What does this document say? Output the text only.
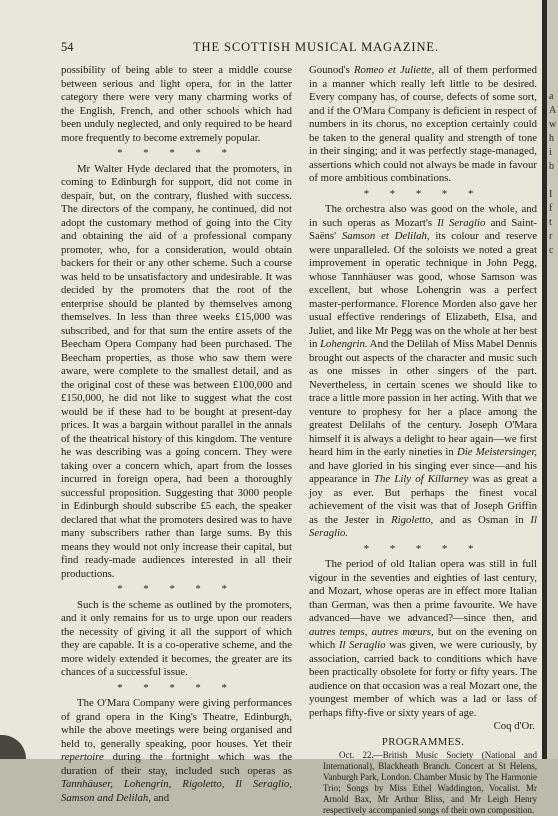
54	THE SCOTTISH MUSICAL MAGAZINE.

possibility of being able to steer a middle course between serious and light opera, for in the latter category there were very many charming works of the English, French, and other schools which had been unduly neglected, and only required to be heard more frequently to become extremely popular.

* * * * *

Mr Walter Hyde declared that the promoters, in coming to Edinburgh for support, did not come in despair, but, on the contrary, flushed with success. The directors of the company, he continued, did not adopt the customary method of going into the City and obtaining the aid of a professional company promoter, who, for a consideration, would obtain backers for their or any other scheme. Such a course was held to be unsatisfactory and undesirable. It was decided by the promoters that the root of the enterprise should be planted by themselves among themselves. In less than three weeks £15,000 was subscribed, and for that sum the entire assets of the Beecham Opera Company had been purchased. The Beecham properties, as those who saw them were aware, were complete to the smallest detail, and as the original cost of these was between £100,000 and £150,000, he did not like to suggest what the cost would be if these had to be bought at present-day prices. It was a bargain without parallel in the annals of the theatrical history of this kingdom. The venture he was describing was a going concern. They were taking over a concern which, apart from the losses incurred in foreign opera, had been a thoroughly successful proposition. Suggesting that 3000 people in Edinburgh should subscribe £5 each, the speaker declared that what the promoters desired was to have many subscribers rather than large sums. By this means they would not only increase their capital, but find ready-made audiences interested in all their productions.

* * * * *

Such is the scheme as outlined by the promoters, and it only remains for us to urge upon our readers the necessity of giving it all the support of which they are capable. It is a co-operative scheme, and the more widely extended it becomes, the greater are its chances of a successful issue.

* * * * *

The O'Mara Company were giving performances of grand opera in the King's Theatre, Edinburgh, while the above meetings were being organised and held to, generally speaking, poor houses. Yet their repertoire during the fortnight which was the duration of their stay, included such operas as Tannhäuser, Lohengrin, Rigoletto, Il Seraglio, Samson and Delilah, and

Gounod's Romeo et Juliette, all of them performed in a manner which really left little to be desired. Every company has, of course, defects of some sort, and if the O'Mara Company is deficient in respect of numbers in its chorus, no exception certainly could be taken to the general quality and strength of tone in their singing; and it was perfectly stage-managed, assertions which could not always be made in favour of more ambitious combinations.

* * * * *

The orchestra also was good on the whole, and in such operas as Mozart's Il Seraglio and Saint-Saëns' Samson et Delilah, its colour and reserve were unparalleled. Of the soloists we noted a great improvement in operatic technique in John Pegg, whose Tannhäuser was good, whose Samson was excellent, but whose Lohengrin was a perfect master-performance. Florence Morden also gave her usual effective renderings of Elizabeth, Elsa, and Juliet, and like Mr Pegg was on the whole at her best in Lohengrin. And the Delilah of Miss Mabel Dennis brought out aspects of the character and music such as one misses in other singers of the part. Nevertheless, in certain scenes we should like to trace a little more passion in her acting. With that we venture to prophesy for her a place among the greatest Delilahs of the century. Joseph O'Mara himself it is always a delight to hear again—we first heard him in the early nineties in Die Meistersinger, and have gloried in his singing ever since—and his appearance in The Lily of Killarney was as great a joy as ever. But perhaps the finest vocal achievement of the visit was that of Joseph Griffin as the Jester in Rigoletto, and as Osman in Il Seraglio.

* * * * *

The period of old Italian opera was still in full vigour in the seventies and eighties of last century, and Mozart, whose operas are in effect more Italian than German, was then a prime favourite. We have advanced—have we advanced?—since then, and autres temps, autres mœurs, but on the evening on which Il Seraglio was given, we were curiously, by association, carried back to conditions which have been practically obsolete for forty or fifty years. The audience on that occasion was a real Mozart one, the youngest member of which was a lad or lass of perhaps fifty-five or sixty years of age.

Coq d'Or.

PROGRAMMES.

Oct. 22.—British Music Society (National and International), Blackheath Branch. Concert at St Helens, Vanburgh Park, London. Chamber Music by The Harmonie Trio; Songs by Miss Ethel Waddington, Vocalist. Mr Arnold Bax, Mr Arthur Bliss, and Mr Leigh Henry respectively accompanied songs of their own composition.

a
A
w
h
i
b
I
f
t
r
c
